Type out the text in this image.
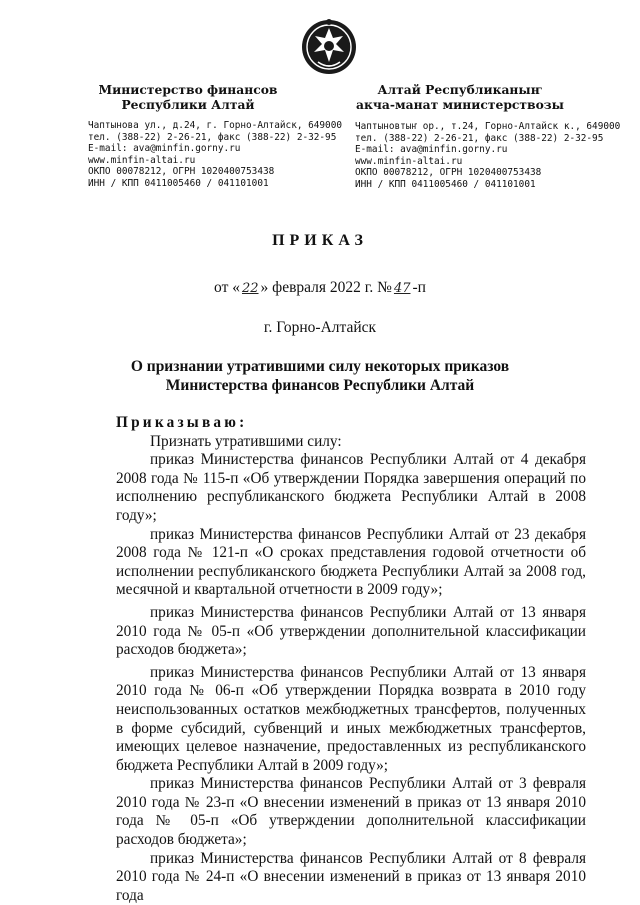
Министерство финансов
Республики Алтай
Чаптынова ул., д.24, г. Горно-Алтайск, 649000
тел. (388-22) 2-26-21, факс (388-22) 2-32-95
E-mail: ava@minfin.gorny.ru
www.minfin-altai.ru
ОКПО 00078212, ОГРН 1020400753438
ИНН / КПП 0411005460 / 041101001
Алтай Республиканыҥ
акча-манат министерствозы
Чаптыновтыҥ ор., т.24, Горно-Алтайск к., 649000
тел. (388-22) 2-26-21, факс (388-22) 2-32-95
E-mail: ava@minfin.gorny.ru
www.minfin-altai.ru
ОКПО 00078212, ОГРН 1020400753438
ИНН / КПП 0411005460 / 041101001
ПРИКАЗ
от « 22 » февраля 2022 г. № 47 -п
г. Горно-Алтайск
О признании утратившими силу некоторых приказов
Министерства финансов Республики Алтай
Приказываю:

Признать утратившими силу:

приказ Министерства финансов Республики Алтай от 4 декабря 2008 года № 115-п «Об утверждении Порядка завершения операций по исполнению республиканского бюджета Республики Алтай в 2008 году»;

приказ Министерства финансов Республики Алтай от 23 декабря 2008 года № 121-п «О сроках представления годовой отчетности об исполнении республиканского бюджета Республики Алтай за 2008 год, месячной и квартальной отчетности в 2009 году»;

приказ Министерства финансов Республики Алтай от 13 января 2010 года № 05-п «Об утверждении дополнительной классификации расходов бюджета»;

приказ Министерства финансов Республики Алтай от 13 января 2010 года № 06-п «Об утверждении Порядка возврата в 2010 году неиспользованных остатков межбюджетных трансфертов, полученных в форме субсидий, субвенций и иных межбюджетных трансфертов, имеющих целевое назначение, предоставленных из республиканского бюджета Республики Алтай в 2009 году»;

приказ Министерства финансов Республики Алтай от 3 февраля 2010 года № 23-п «О внесении изменений в приказ от 13 января 2010 года № 05-п «Об утверждении дополнительной классификации расходов бюджета»;

приказ Министерства финансов Республики Алтай от 8 февраля 2010 года № 24-п «О внесении изменений в приказ от 13 января 2010 года
